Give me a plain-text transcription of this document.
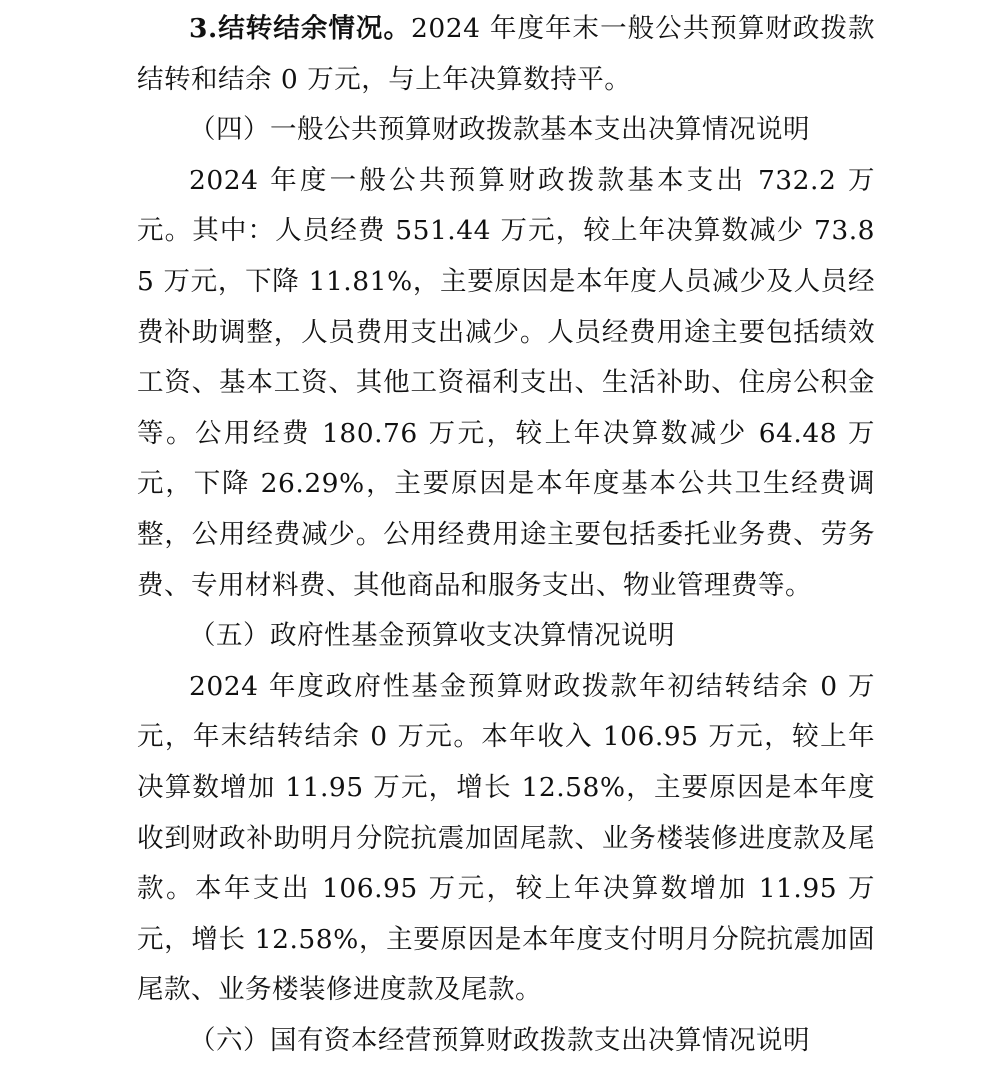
3.结转结余情况。2024 年度年末一般公共预算财政拨款结转和结余 0 万元，与上年决算数持平。

（四）一般公共预算财政拨款基本支出决算情况说明

2024 年度一般公共预算财政拨款基本支出 732.2 万元。其中：人员经费 551.44 万元，较上年决算数减少 73.85 万元，下降 11.81%，主要原因是本年度人员减少及人员经费补助调整，人员费用支出减少。人员经费用途主要包括绩效工资、基本工资、其他工资福利支出、生活补助、住房公积金等。公用经费 180.76 万元，较上年决算数减少 64.48 万元，下降 26.29%，主要原因是本年度基本公共卫生经费调整，公用经费减少。公用经费用途主要包括委托业务费、劳务费、专用材料费、其他商品和服务支出、物业管理费等。

（五）政府性基金预算收支决算情况说明

2024 年度政府性基金预算财政拨款年初结转结余 0 万元，年末结转结余 0 万元。本年收入 106.95 万元，较上年决算数增加 11.95 万元，增长 12.58%，主要原因是本年度收到财政补助明月分院抗震加固尾款、业务楼装修进度款及尾款。本年支出 106.95 万元，较上年决算数增加 11.95 万元，增长 12.58%，主要原因是本年度支付明月分院抗震加固尾款、业务楼装修进度款及尾款。

（六）国有资本经营预算财政拨款支出决算情况说明
